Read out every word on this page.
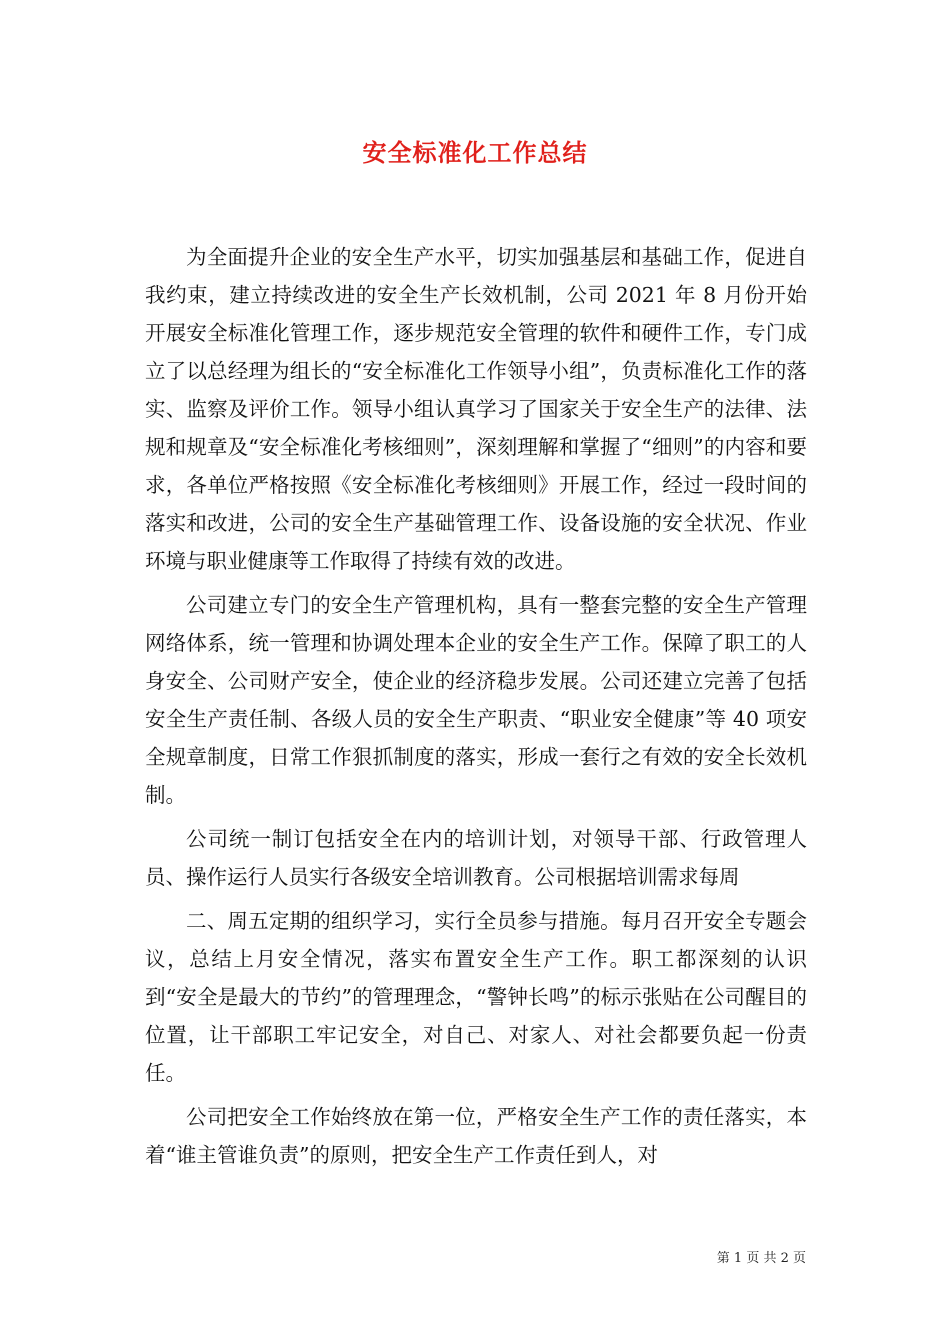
安全标准化工作总结

为全面提升企业的安全生产水平，切实加强基层和基础工作，促进自我约束，建立持续改进的安全生产长效机制，公司 2021 年 8 月份开始开展安全标准化管理工作，逐步规范安全管理的软件和硬件工作，专门成立了以总经理为组长的“安全标准化工作领导小组”，负责标准化工作的落实、监察及评价工作。领导小组认真学习了国家关于安全生产的法律、法规和规章及“安全标准化考核细则”，深刻理解和掌握了“细则”的内容和要求，各单位严格按照《安全标准化考核细则》开展工作，经过一段时间的落实和改进，公司的安全生产基础管理工作、设备设施的安全状况、作业环境与职业健康等工作取得了持续有效的改进。

公司建立专门的安全生产管理机构，具有一整套完整的安全生产管理网络体系，统一管理和协调处理本企业的安全生产工作。保障了职工的人身安全、公司财产安全，使企业的经济稳步发展。公司还建立完善了包括安全生产责任制、各级人员的安全生产职责、“职业安全健康”等 40 项安全规章制度，日常工作狠抓制度的落实，形成一套行之有效的安全长效机制。

公司统一制订包括安全在内的培训计划，对领导干部、行政管理人员、操作运行人员实行各级安全培训教育。公司根据培训需求每周

二、周五定期的组织学习，实行全员参与措施。每月召开安全专题会议，总结上月安全情况，落实布置安全生产工作。职工都深刻的认识到“安全是最大的节约”的管理理念，“警钟长鸣”的标示张贴在公司醒目的位置，让干部职工牢记安全，对自己、对家人、对社会都要负起一份责任。

公司把安全工作始终放在第一位，严格安全生产工作的责任落实，本着“谁主管谁负责”的原则，把安全生产工作责任到人，对

第 1 页 共 2 页
